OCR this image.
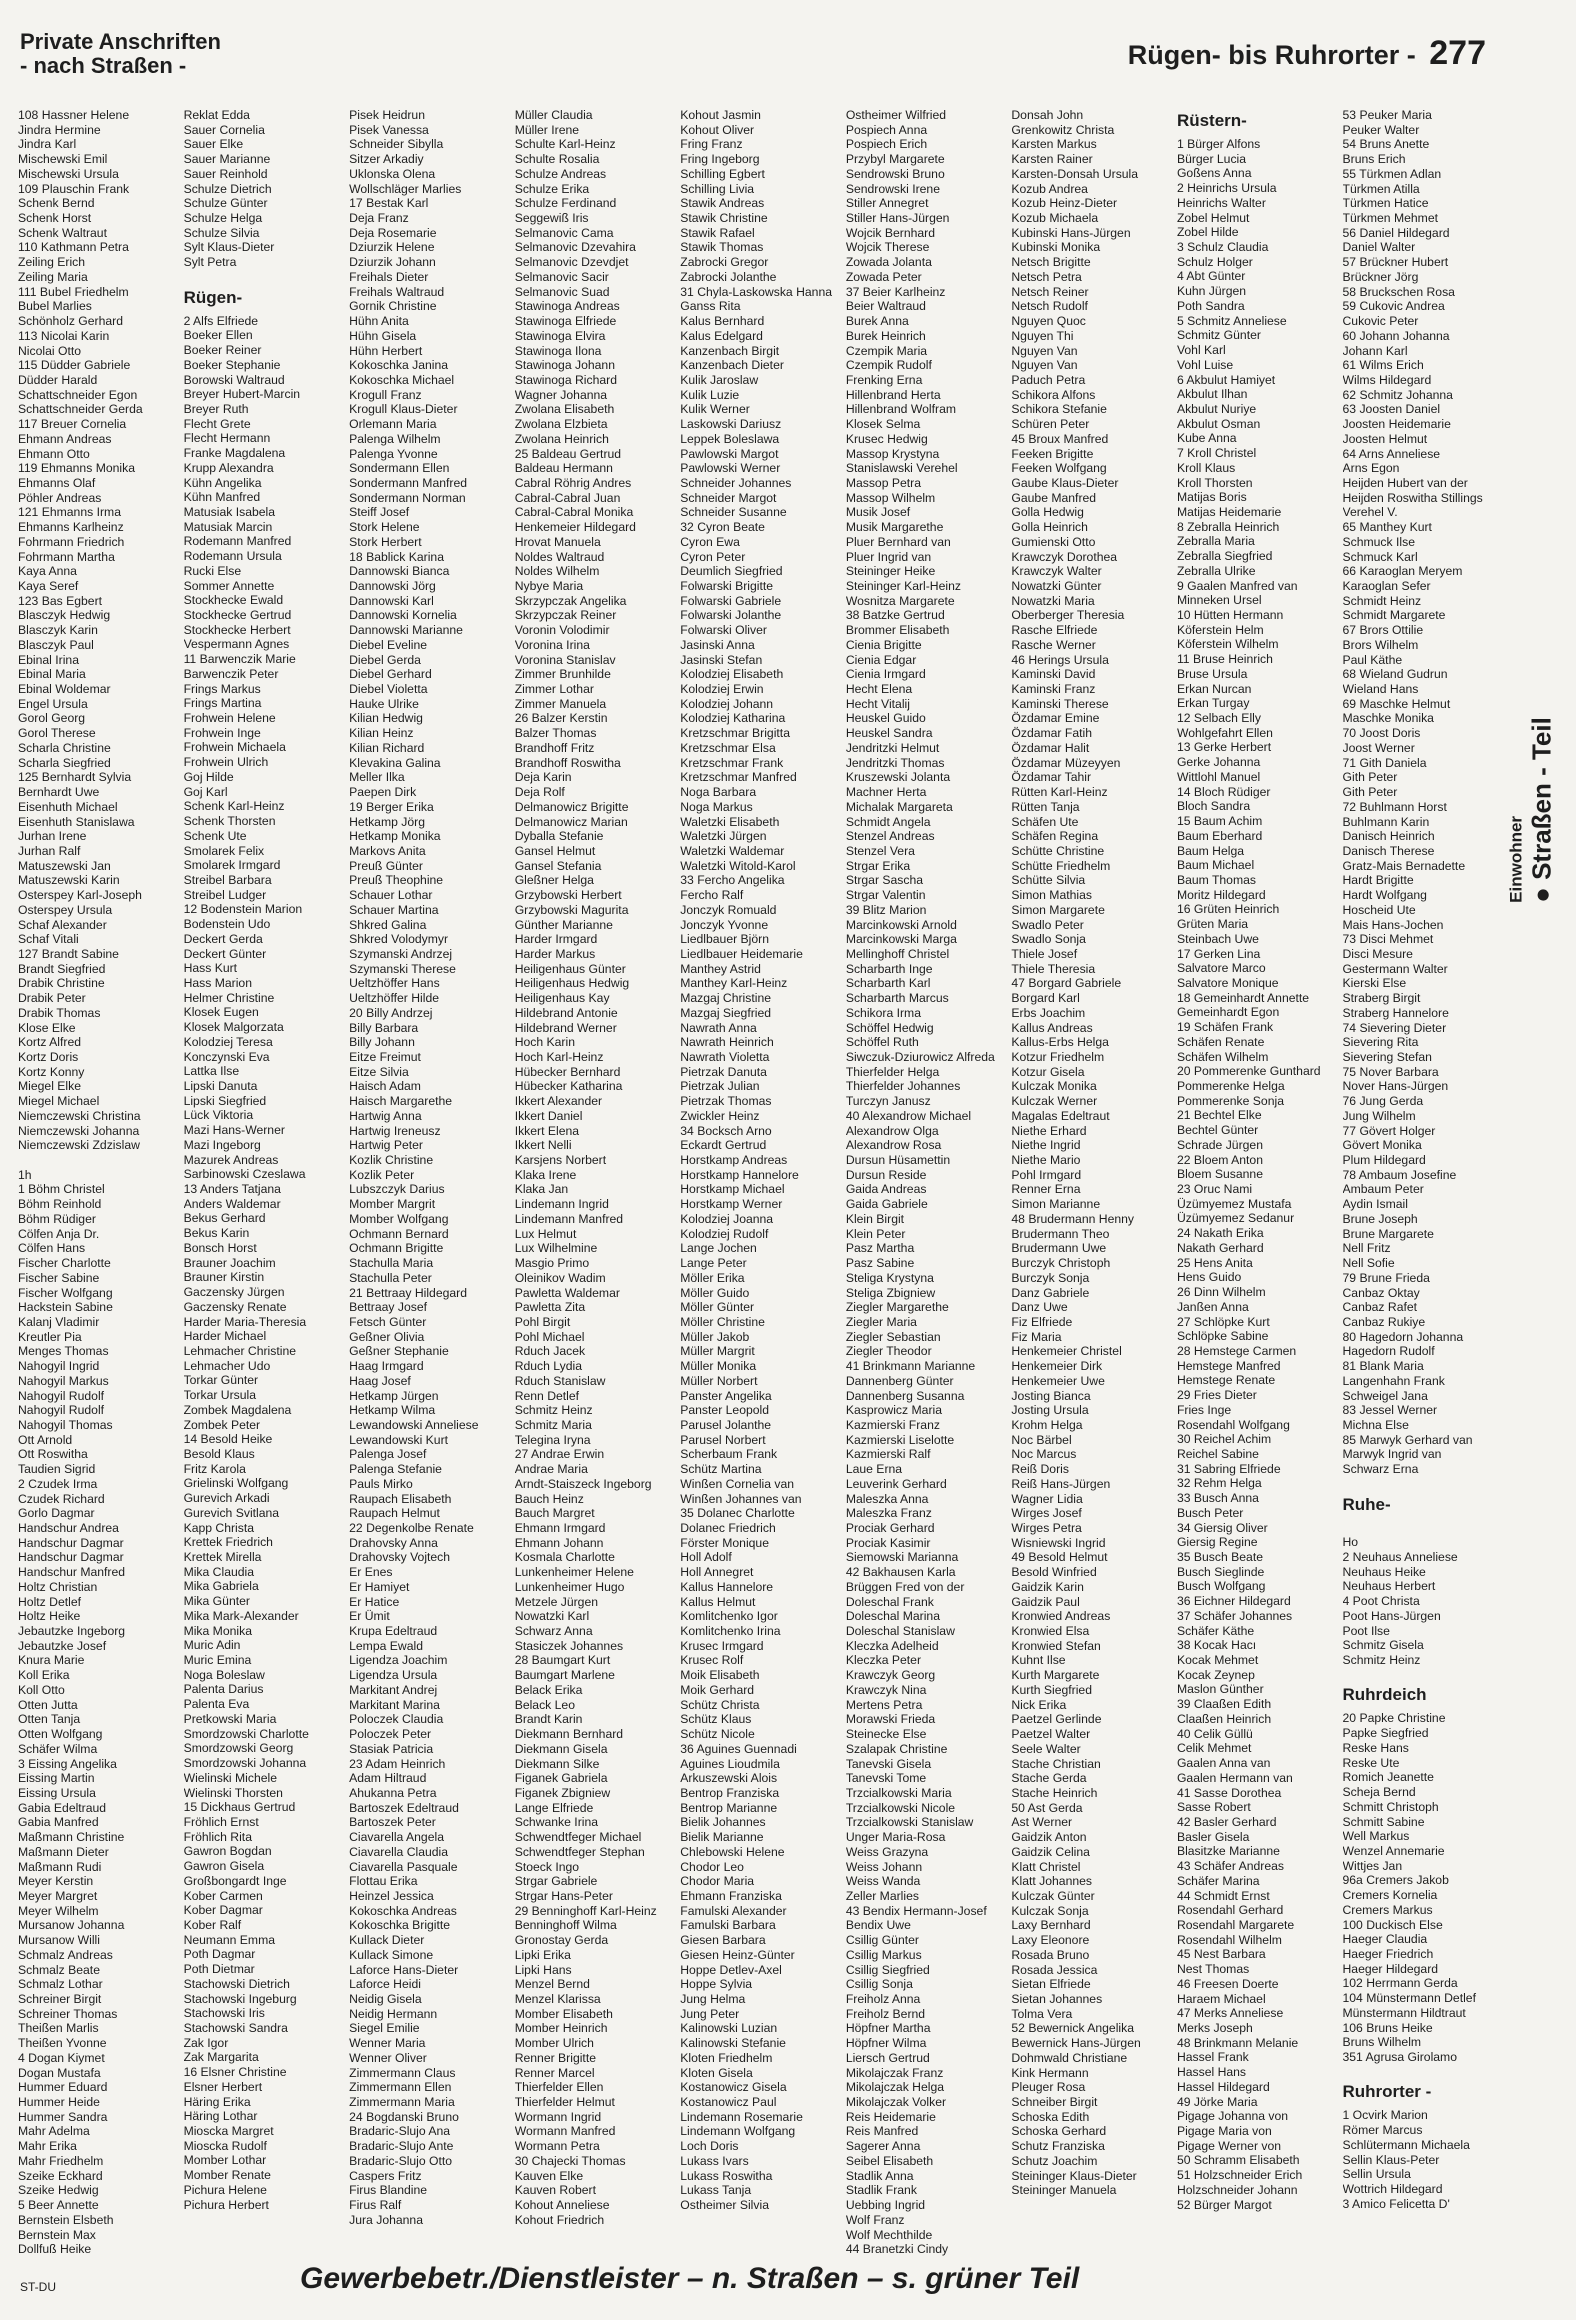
Private Anschriften
- nach Straßen -	Rügen- bis Ruhrorter - 277
108 Hassner Helene
Jindra Hermine
Jindra Karl
Mischewski Emil
Mischewski Ursula
109 Plauschin Frank
Schenk Bernd
Schenk Horst
Schenk Waltraut
110 Kathmann Petra
Zeiling Erich
Zeiling Maria
111 Bubel Friedhelm
Bubel Marlies
Schönholz Gerhard
113 Nicolai Karin
Nicolai Otto
115 Düdder Gabriele
Düdder Harald
Schattschneider Egon
Schattschneider Gerda
117 Breuer Cornelia
Ehmann Andreas
Ehmann Otto
119 Ehmanns Monika
Ehmanns Olaf
Pöhler Andreas
121 Ehmanns Irma
Ehmanns Karlheinz
Fohrmann Friedrich
Fohrmann Martha
Kaya Anna
Kaya Seref
123 Bas Egbert
Blasczyk Hedwig
Blasczyk Karin
Blasczyk Paul
Ebinal Irina
Ebinal Maria
Ebinal Woldemar
Engel Ursula
Gorol Georg
Gorol Therese
Scharla Christine
Scharla Siegfried
125 Bernhardt Sylvia
Bernhardt Uwe
Eisenhuth Michael
Eisenhuth Stanislawa
Jurhan Irene
Jurhan Ralf
Matuszewski Jan
Matuszewski Karin
Osterspey Karl-Joseph
Osterspey Ursula
Schaf Alexander
Schaf Vitali
127 Brandt Sabine
Brandt Siegfried
Drabik Christine
Drabik Peter
Drabik Thomas
Klose Elke
Kortz Alfred
Kortz Doris
Kortz Konny
Miegel Elke
Miegel Michael
Niemczewski Christina
Niemczewski Johanna
Niemczewski Zdzislaw
1h
1 Böhm Christel
Böhm Reinhold
Böhm Rüdiger
Cölfen Anja Dr.
Cölfen Hans
Fischer Charlotte
Fischer Sabine
Fischer Wolfgang
Hackstein Sabine
Kalanj Vladimir
Kreutler Pia
Menges Thomas
Nahogyil Ingrid
Nahogyil Markus
Nahogyil Rudolf
Nahogyil Rudolf
Nahogyil Thomas
Ott Arnold
Ott Roswitha
Taudien Sigrid
2 Czudek Irma
Czudek Richard
Gorlo Dagmar
Handschur Andrea
Handschur Dagmar
Handschur Dagmar
Handschur Manfred
Holtz Christian
Holtz Detlef
Holtz Heike
Jebautzke Ingeborg
Jebautzke Josef
Knura Marie
Koll Erika
Koll Otto
Otten Jutta
Otten Tanja
Otten Wolfgang
Schäfer Wilma
3 Eissing Angelika
Eissing Martin
Eissing Ursula
Gabia Edeltraud
Gabia Manfred
Maßmann Christine
Maßmann Dieter
Maßmann Rudi
Meyer Kerstin
Meyer Margret
Meyer Wilhelm
Mursanow Johanna
Mursanow Willi
Schmalz Andreas
Schmalz Beate
Schmalz Lothar
Schreiner Birgit
Schreiner Thomas
Theißen Marlis
Theißen Yvonne
4 Dogan Kiymet
Dogan Mustafa
Hummer Eduard
Hummer Heide
Hummer Sandra
Mahr Adelma
Mahr Erika
Mahr Friedhelm
Szeike Eckhard
Szeike Hedwig
5 Beer Annette
Bernstein Elsbeth
Bernstein Max
Dollfuß Heike
Reklat Edda
Sauer Cornelia
Sauer Elke
Sauer Marianne
Sauer Reinhold
Schulze Dietrich
Schulze Günter
Schulze Helga
Schulze Silvia
Sylt Klaus-Dieter
Sylt Petra
Rügen-
2 Alfs Elfriede
Boeker Ellen
Boeker Reiner
Boeker Stephanie
Borowski Waltraud
Breyer Hubert-Marcin
Breyer Ruth
Flecht Grete
Flecht Hermann
Franke Magdalena
Krupp Alexandra
Kühn Angelika
Kühn Manfred
Matusiak Isabela
Matusiak Marcin
Rodemann Manfred
Rodemann Ursula
Rucki Else
Sommer Annette
Stockhecke Ewald
Stockhecke Gertrud
Stockhecke Herbert
Vespermann Agnes
11 Barwenczik Marie
Barwenczik Peter
Frings Markus
Frings Martina
Frohwein Helene
Frohwein Inge
Frohwein Michaela
Frohwein Ulrich
Goj Hilde
Goj Karl
Schenk Karl-Heinz
Schenk Thorsten
Schenk Ute
Smolarek Felix
Smolarek Irmgard
Streibel Barbara
Streibel Ludger
12 Bodenstein Marion
Bodenstein Udo
Deckert Gerda
Deckert Günter
Hass Kurt
Hass Marion
Helmer Christine
Klosek Eugen
Klosek Malgorzata
Kolodziej Teresa
Konczynski Eva
Lattka Ilse
Lipski Danuta
Lipski Siegfried
Lück Viktoria
Mazi Hans-Werner
Mazi Ingeborg
Mazurek Andreas
Sarbinowski Czeslawa
13 Anders Tatjana
Anders Waldemar
Bekus Gerhard
Bekus Karin
Bonsch Horst
Brauner Joachim
Brauner Kirstin
Gaczensky Jürgen
Gaczensky Renate
Harder Maria-Theresia
Harder Michael
Lehmacher Christine
Lehmacher Udo
Torkar Günter
Torkar Ursula
Zombek Magdalena
Zombek Peter
14 Besold Heike
Besold Klaus
Fritz Karola
Grielinski Wolfgang
Gurevich Arkadi
Gurevich Svitlana
Kapp Christa
Krettek Friedrich
Krettek Mirella
Mika Claudia
Mika Gabriela
Mika Günter
Mika Mark-Alexander
Mika Monika
Muric Adin
Muric Emina
Noga Boleslaw
Palenta Darius
Palenta Eva
Pretkowski Maria
Smordzowski Charlotte
Smordzowski Georg
Smordzowski Johanna
Wielinski Michele
Wielinski Thorsten
15 Dickhaus Gertrud
Fröhlich Ernst
Fröhlich Rita
Gawron Bogdan
Gawron Gisela
Großbongardt Inge
Kober Carmen
Kober Dagmar
Kober Ralf
Neumann Emma
Poth Dagmar
Poth Dietmar
Stachowski Dietrich
Stachowski Ingeburg
Stachowski Iris
Stachowski Sandra
Zak Igor
Zak Margarita
16 Elsner Christine
Elsner Herbert
Häring Erika
Häring Lothar
Mioscka Margret
Mioscka Rudolf
Momber Lothar
Momber Renate
Pichura Helene
Pichura Herbert
Pisek Heidrun
Pisek Vanessa
Schneider Sibylla
Sitzer Arkadiy
Uklonska Olena
Wollschläger Marlies
17 Bestak Karl
Deja Franz
Deja Rosemarie
Dziurzik Helene
Dziurzik Johann
Freihals Dieter
Freihals Waltraud
Gornik Christine
Hühn Anita
Hühn Gisela
Hühn Herbert
Kokoschka Janina
Kokoschka Michael
Krogull Franz
Krogull Klaus-Dieter
Orlemann Maria
Palenga Wilhelm
Palenga Yvonne
Sondermann Ellen
Sondermann Manfred
Sondermann Norman
Steiff Josef
Stork Helene
Stork Herbert
18 Bablick Karina
Dannowski Bianca
Dannowski Jörg
Dannowski Karl
Dannowski Kornelia
Dannowski Marianne
Diebel Eveline
Diebel Gerda
Diebel Gerhard
Diebel Violetta
Hauke Ulrike
Kilian Hedwig
Kilian Heinz
Kilian Richard
Klevakina Galina
Meller Ilka
Paepen Dirk
19 Berger Erika
Hetkamp Jörg
Hetkamp Monika
Markovs Anita
Preuß Günter
Preuß Theophine
Schauer Lothar
Schauer Martina
Shkred Galina
Shkred Volodymyr
Szymanski Andrzej
Szymanski Therese
Ueltzhöffer Hans
Ueltzhöffer Hilde
20 Billy Andrzej
Billy Barbara
Billy Johann
Eitze Freimut
Eitze Silvia
Haisch Adam
Haisch Margarethe
Hartwig Anna
Hartwig Ireneusz
Hartwig Peter
Kozlik Christine
Kozlik Peter
Lubszczyk Darius
Momber Margrit
Momber Wolfgang
Ochmann Bernard
Ochmann Brigitte
Stachulla Maria
Stachulla Peter
21 Bettraay Hildegard
Bettraay Josef
Fetsch Günter
Geßner Olivia
Geßner Stephanie
Haag Irmgard
Haag Josef
Hetkamp Jürgen
Hetkamp Wilma
Lewandowski Anneliese
Lewandowski Kurt
Palenga Josef
Palenga Stefanie
Pauls Mirko
Raupach Elisabeth
Raupach Helmut
22 Degenkolbe Renate
Drahovsky Anna
Drahovsky Vojtech
Er Enes
Er Hamiyet
Er Hatice
Er Ümit
Krupa Edeltraud
Lempa Ewald
Ligendza Joachim
Ligendza Ursula
Markitant Andrej
Markitant Marina
Poloczek Claudia
Poloczek Peter
Stasiak Patricia
23 Adam Heinrich
Adam Hiltraud
Ahukanna Petra
Bartoszek Edeltraud
Bartoszek Peter
Ciavarella Angela
Ciavarella Claudia
Ciavarella Pasquale
Flottau Erika
Heinzel Jessica
Kokoschka Andreas
Kokoschka Brigitte
Kullack Dieter
Kullack Simone
Laforce Hans-Dieter
Laforce Heidi
Neidig Gisela
Neidig Hermann
Siegel Emilie
Wenner Maria
Wenner Oliver
Zimmermann Claus
Zimmermann Ellen
Zimmermann Maria
24 Bogdanski Bruno
Bradaric-Slujo Ana
Bradaric-Slujo Ante
Bradaric-Slujo Otto
Caspers Fritz
Firus Blandine
Firus Ralf
Jura Johanna
Müller Claudia
Müller Irene
Schulte Karl-Heinz
Schulte Rosalia
Schulze Andreas
Schulze Erika
Schulze Ferdinand
Seggewiß Iris
Selmanovic Cama
Selmanovic Dzevahira
Selmanovic Dzevdjet
Selmanovic Sacir
Selmanovic Suad
Stawinoga Andreas
Stawinoga Elfriede
Stawinoga Elvira
Stawinoga Ilona
Stawinoga Johann
Stawinoga Richard
Wagner Johanna
Zwolana Elisabeth
Zwolana Elzbieta
Zwolana Heinrich
25 Baldeau Gertrud
Baldeau Hermann
Cabral Röhrig Andres
Cabral-Cabral Juan
Cabral-Cabral Monika
Henkemeier Hildegard
Hrovat Manuela
Noldes Waltraud
Noldes Wilhelm
Nybye Maria
Skrzypczak Angelika
Skrzypczak Reiner
Voronin Volodimir
Voronina Irina
Voronina Stanislav
Zimmer Brunhilde
Zimmer Lothar
Zimmer Manuela
26 Balzer Kerstin
Balzer Thomas
Brandhoff Fritz
Brandhoff Roswitha
Deja Karin
Deja Rolf
Delmanowicz Brigitte
Delmanowicz Marian
Dyballa Stefanie
Gansel Helmut
Gansel Stefania
Gleßner Helga
Grzybowski Herbert
Grzybowski Magurita
Günther Marianne
Harder Irmgard
Harder Markus
Heiligenhaus Günter
Heiligenhaus Hedwig
Heiligenhaus Kay
Hildebrand Antonie
Hildebrand Werner
Hoch Karin
Hoch Karl-Heinz
Hübecker Bernhard
Hübecker Katharina
Ikkert Alexander
Ikkert Daniel
Ikkert Elena
Ikkert Nelli
Karsjens Norbert
Klaka Irene
Klaka Jan
Lindemann Ingrid
Lindemann Manfred
Lux Helmut
Lux Wilhelmine
Masgio Primo
Oleinikov Wadim
Pawletta Waldemar
Pawletta Zita
Pohl Birgit
Pohl Michael
Rduch Jacek
Rduch Lydia
Rduch Stanislaw
Renn Detlef
Schmitz Heinz
Schmitz Maria
Telegina Iryna
27 Andrae Erwin
Andrae Maria
Arndt-Staiszeck Ingeborg
Bauch Heinz
Bauch Margret
Ehmann Irmgard
Ehmann Johann
Kosmala Charlotte
Lunkenheimer Helene
Lunkenheimer Hugo
Metzele Jürgen
Nowatzki Karl
Schwarz Anna
Stasiczek Johannes
28 Baumgart Kurt
Baumgart Marlene
Belack Erika
Belack Leo
Brandt Karin
Diekmann Bernhard
Diekmann Gisela
Diekmann Silke
Figanek Gabriela
Figanek Zbigniew
Lange Elfriede
Schwanke Irina
Schwendtfeger Michael
Schwendtfeger Stephan
Stoeck Ingo
Strgar Gabriele
Strgar Hans-Peter
29 Benninghoff Karl-Heinz
Benninghoff Wilma
Gronostay Gerda
Lipki Erika
Lipki Hans
Menzel Bernd
Menzel Klarissa
Momber Elisabeth
Momber Heinrich
Momber Ulrich
Renner Brigitte
Renner Marcel
Thierfelder Ellen
Thierfelder Helmut
Wormann Ingrid
Wormann Manfred
Wormann Petra
30 Chajecki Thomas
Kauven Elke
Kauven Robert
Kohout Anneliese
Kohout Friedrich
Kohout Jasmin
Kohout Oliver
Fring Franz
Fring Ingeborg
Schilling Egbert
Schilling Livia
Stawik Andreas
Stawik Christine
Stawik Rafael
Stawik Thomas
Zabrocki Gregor
Zabrocki Jolanthe
31 Chyla-Laskowska Hanna
Ganss Rita
Kalus Bernhard
Kalus Edelgard
Kanzenbach Birgit
Kanzenbach Dieter
Kulik Jaroslaw
Kulik Luzie
Kulik Werner
Laskowski Dariusz
Leppek Boleslawa
Pawlowski Margot
Pawlowski Werner
Schneider Johannes
Schneider Margot
Schneider Susanne
32 Cyron Beate
Cyron Ewa
Cyron Peter
Deumlich Siegfried
Folwarski Brigitte
Folwarski Gabriele
Folwarski Jolanthe
Folwarski Oliver
Jasinski Anna
Jasinski Stefan
Kolodziej Elisabeth
Kolodziej Erwin
Kolodziej Johann
Kolodziej Katharina
Kretzschmar Brigitta
Kretzschmar Elsa
Kretzschmar Frank
Kretzschmar Manfred
Noga Barbara
Noga Markus
Waletzki Elisabeth
Waletzki Jürgen
Waletzki Waldemar
Waletzki Witold-Karol
33 Fercho Angelika
Fercho Ralf
Jonczyk Romuald
Jonczyk Yvonne
Liedlbauer Björn
Liedlbauer Heidemarie
Manthey Astrid
Manthey Karl-Heinz
Mazgaj Christine
Mazgaj Siegfried
Nawrath Anna
Nawrath Heinrich
Nawrath Violetta
Pietrzak Danuta
Pietrzak Julian
Pietrzak Thomas
Zwickler Heinz
34 Bocksch Arno
Eckardt Gertrud
Horstkamp Andreas
Horstkamp Hannelore
Horstkamp Michael
Horstkamp Werner
Kolodziej Joanna
Kolodziej Rudolf
Lange Jochen
Lange Peter
Möller Erika
Möller Guido
Möller Günter
Möller Christine
Müller Jakob
Müller Margrit
Müller Monika
Müller Norbert
Panster Angelika
Panster Leopold
Parusel Jolanthe
Parusel Norbert
Scherbaum Frank
Schütz Martina
Winßen Cornelia van
Winßen Johannes van
35 Dolanec Charlotte
Dolanec Friedrich
Förster Monique
Holl Adolf
Holl Annegret
Kallus Hannelore
Kallus Helmut
Komlitchenko Igor
Komlitchenko Irina
Krusec Irmgard
Krusec Rolf
Moik Elisabeth
Moik Gerhard
Schütz Christa
Schütz Klaus
Schütz Nicole
36 Aguines Guennadi
Aguines Lioudmila
Arkuszewski Alois
Bentrop Franziska
Bentrop Marianne
Bielik Johannes
Bielik Marianne
Chlebowski Helene
Chodor Leo
Chodor Maria
Ehmann Franziska
Famulski Alexander
Famulski Barbara
Giesen Barbara
Giesen Heinz-Günter
Hoppe Detlev-Axel
Hoppe Sylvia
Jung Helma
Jung Peter
Kalinowski Luzian
Kalinowski Stefanie
Kloten Friedhelm
Kloten Gisela
Kostanowicz Gisela
Kostanowicz Paul
Lindemann Rosemarie
Lindemann Wolfgang
Loch Doris
Lukass Ivars
Lukass Roswitha
Lukass Tanja
Ostheimer Silvia
Ostheimer Wilfried
Pospiech Anna
Pospiech Erich
Przybyl Margarete
Sendrowski Bruno
Sendrowski Irene
Stiller Annegret
Stiller Hans-Jürgen
Wojcik Bernhard
Wojcik Therese
Zowada Jolanta
Zowada Peter
37 Beier Karlheinz
Beier Waltraud
Burek Anna
Burek Heinrich
Czempik Maria
Czempik Rudolf
Frenking Erna
Hillenbrand Herta
Hillenbrand Wolfram
Klosek Selma
Krusec Hedwig
Massop Krystyna
Stanislawski Verehel
Massop Petra
Massop Wilhelm
Musik Josef
Musik Margarethe
Pluer Bernhard van
Pluer Ingrid van
Steininger Heike
Steininger Karl-Heinz
Wosnitza Margarete
38 Batzke Gertrud
Brommer Elisabeth
Cienia Brigitte
Cienia Edgar
Cienia Irmgard
Hecht Elena
Hecht Vitalij
Heuskel Guido
Heuskel Sandra
Jendritzki Helmut
Jendritzki Thomas
Kruszewski Jolanta
Machner Herta
Michalak Margareta
Schmidt Angela
Stenzel Andreas
Stenzel Vera
Strgar Erika
Strgar Sascha
Strgar Valentin
39 Blitz Marion
Marcinkowski Arnold
Marcinkowski Marga
Mellinghoff Christel
Scharbarth Inge
Scharbarth Karl
Scharbarth Marcus
Schikora Irma
Schöffel Hedwig
Schöffel Ruth
Siwczuk-Dziurowicz Alfreda
Thierfelder Helga
Thierfelder Johannes
Turczyn Janusz
40 Alexandrow Michael
Alexandrow Olga
Alexandrow Rosa
Dursun Hüsamettin
Dursun Reside
Gaida Andreas
Gaida Gabriele
Klein Birgit
Klein Peter
Pasz Martha
Pasz Sabine
Steliga Krystyna
Steliga Zbigniew
Ziegler Margarethe
Ziegler Maria
Ziegler Sebastian
Ziegler Theodor
41 Brinkmann Marianne
Dannenberg Günter
Dannenberg Susanna
Kasprowicz Maria
Kazmierski Franz
Kazmierski Liselotte
Kazmierski Ralf
Laue Erna
Leuverink Gerhard
Maleszka Anna
Maleszka Franz
Prociak Gerhard
Prociak Kasimir
Siemowski Marianna
42 Bakhausen Karla
Brüggen Fred von der
Doleschal Frank
Doleschal Marina
Doleschal Stanislaw
Kleczka Adelheid
Kleczka Peter
Krawczyk Georg
Krawczyk Nina
Mertens Petra
Morawski Frieda
Steinecke Else
Szalapak Christine
Tanevski Gisela
Tanevski Tome
Trzcialkowski Maria
Trzcialkowski Nicole
Trzcialkowski Stanislaw
Unger Maria-Rosa
Weiss Grazyna
Weiss Johann
Weiss Wanda
Zeller Marlies
43 Bendix Hermann-Josef
Bendix Uwe
Csillig Günter
Csillig Markus
Csillig Siegfried
Csillig Sonja
Freiholz Anna
Freiholz Bernd
Höpfner Martha
Höpfner Wilma
Liersch Gertrud
Mikolajczak Franz
Mikolajczak Helga
Mikolajczak Volker
Reis Heidemarie
Reis Manfred
Sagerer Anna
Seibel Elisabeth
Stadlik Anna
Stadlik Frank
Uebbing Ingrid
Wolf Franz
Wolf Mechthilde
44 Branetzki Cindy
Donsah John
Grenkowitz Christa
Karsten Markus
Karsten Rainer
Karsten-Donsah Ursula
Kozub Andrea
Kozub Heinz-Dieter
Kozub Michaela
Kubinski Hans-Jürgen
Kubinski Monika
Netsch Brigitte
Netsch Petra
Netsch Reiner
Netsch Rudolf
Nguyen Quoc
Nguyen Thi
Nguyen Van
Nguyen Van
Paduch Petra
Schikora Alfons
Schikora Stefanie
Schüren Peter
45 Broux Manfred
Feeken Brigitte
Feeken Wolfgang
Gaube Klaus-Dieter
Gaube Manfred
Golla Hedwig
Golla Heinrich
Gumienski Otto
Krawczyk Dorothea
Krawczyk Walter
Nowatzki Günter
Nowatzki Maria
Oberberger Theresia
Rasche Elfriede
Rasche Werner
46 Herings Ursula
Kaminski David
Kaminski Franz
Kaminski Therese
Özdamar Emine
Özdamar Fatih
Özdamar Halit
Özdamar Müzeyyen
Özdamar Tahir
Rütten Karl-Heinz
Rütten Tanja
Schäfen Ute
Schäfen Regina
Schütte Christine
Schütte Friedhelm
Schütte Silvia
Simon Mathias
Simon Margarete
Swadlo Peter
Swadlo Sonja
Thiele Josef
Thiele Theresia
47 Borgard Gabriele
Borgard Karl
Erbs Joachim
Kallus Andreas
Kallus-Erbs Helga
Kotzur Friedhelm
Kotzur Gisela
Kulczak Monika
Kulczak Werner
Magalas Edeltraut
Niethe Erhard
Niethe Ingrid
Niethe Mario
Pohl Irmgard
Renner Erna
Simon Marianne
48 Brudermann Henny
Brudermann Theo
Brudermann Uwe
Burczyk Christoph
Burczyk Sonja
Danz Gabriele
Danz Uwe
Fiz Elfriede
Fiz Maria
Henkemeier Christel
Henkemeier Dirk
Henkemeier Uwe
Josting Bianca
Josting Ursula
Krohm Helga
Noc Bärbel
Noc Marcus
Reiß Doris
Reiß Hans-Jürgen
Wagner Lidia
Wirges Josef
Wirges Petra
Wisniewski Ingrid
49 Besold Helmut
Besold Winfried
Gaidzik Karin
Gaidzik Paul
Kronwied Andreas
Kronwied Elsa
Kronwied Stefan
Kuhnt Ilse
Kurth Margarete
Kurth Siegfried
Nick Erika
Paetzel Gerlinde
Paetzel Walter
Seele Walter
Stache Christian
Stache Gerda
Stache Heinrich
50 Ast Gerda
Ast Werner
Gaidzik Anton
Gaidzik Celina
Klatt Christel
Klatt Johannes
Kulczak Günter
Kulczak Sonja
Laxy Bernhard
Laxy Eleonore
Rosada Bruno
Rosada Jessica
Sietan Elfriede
Sietan Johannes
Tolma Vera
52 Bewernick Angelika
Bewernick Hans-Jürgen
Dohmwald Christiane
Kink Hermann
Pleuger Rosa
Schneiber Birgit
Schoska Edith
Schoska Gerhard
Schutz Franziska
Schutz Joachim
Steininger Klaus-Dieter
Steininger Manuela
Rüstern-
1 Bürger Alfons
Bürger Lucia
Goßens Anna
2 Heinrichs Ursula
Heinrichs Walter
Zobel Helmut
Zobel Hilde
3 Schulz Claudia
Schulz Holger
4 Abt Günter
Kuhn Jürgen
Poth Sandra
5 Schmitz Anneliese
Schmitz Günter
Vohl Karl
Vohl Luise
6 Akbulut Hamiyet
Akbulut Ilhan
Akbulut Nuriye
Akbulut Osman
Kube Anna
7 Kroll Christel
Kroll Klaus
Kroll Thorsten
Matijas Boris
Matijas Heidemarie
8 Zebralla Heinrich
Zebralla Maria
Zebralla Siegfried
Zebralla Ulrike
9 Gaalen Manfred van
Minneken Ursel
10 Hütten Hermann
Köferstein Helm
Köferstein Wilhelm
11 Bruse Heinrich
Bruse Ursula
Erkan Nurcan
Erkan Turgay
12 Selbach Elly
Wohlgefahrt Ellen
13 Gerke Herbert
Gerke Johanna
Wittlohl Manuel
14 Bloch Rüdiger
Bloch Sandra
15 Baum Achim
Baum Eberhard
Baum Helga
Baum Michael
Baum Thomas
Moritz Hildegard
16 Grüten Heinrich
Grüten Maria
Steinbach Uwe
17 Gerken Lina
Salvatore Marco
Salvatore Monique
18 Gemeinhardt Annette
Gemeinhardt Egon
19 Schäfen Frank
Schäfen Renate
Schäfen Wilhelm
20 Pommerenke Gunthard
Pommerenke Helga
Pommerenke Sonja
21 Bechtel Elke
Bechtel Günter
Schrade Jürgen
22 Bloem Anton
Bloem Susanne
23 Oruc Nami
Üzümyemez Mustafa
Üzümyemez Sedanur
24 Nakath Erika
Nakath Gerhard
25 Hens Anita
Hens Guido
26 Dinn Wilhelm
Janßen Anna
27 Schlöpke Kurt
Schlöpke Sabine
28 Hemstege Carmen
Hemstege Manfred
Hemstege Renate
29 Fries Dieter
Fries Inge
Rosendahl Wolfgang
30 Reichel Achim
Reichel Sabine
31 Sabring Elfriede
32 Rehm Helga
33 Busch Anna
Busch Peter
34 Giersig Oliver
Giersig Regine
35 Busch Beate
Busch Sieglinde
Busch Wolfgang
36 Eichner Hildegard
37 Schäfer Johannes
Schäfer Käthe
38 Kocak Hacı
Kocak Mehmet
Kocak Zeynep
Maslon Günther
39 Claaßen Edith
Claaßen Heinrich
40 Celik Güllü
Celik Mehmet
Gaalen Anna van
Gaalen Hermann van
41 Sasse Dorothea
Sasse Robert
42 Basler Gerhard
Basler Gisela
Blasitzke Marianne
43 Schäfer Andreas
Schäfer Marina
44 Schmidt Ernst
Rosendahl Gerhard
Rosendahl Margarete
Rosendahl Wilhelm
45 Nest Barbara
Nest Thomas
46 Freesen Doerte
Haraem Michael
47 Merks Anneliese
Merks Joseph
48 Brinkmann Melanie
Hassel Frank
Hassel Hans
Hassel Hildegard
49 Jörke Maria
Pigage Johanna von
Pigage Maria von
Pigage Werner von
50 Schramm Elisabeth
51 Holzschneider Erich
Holzschneider Johann
52 Bürger Margot
53 Peuker Maria
Peuker Walter
54 Bruns Anette
Bruns Erich
55 Türkmen Adlan
Türkmen Atilla
Türkmen Hatice
Türkmen Mehmet
56 Daniel Hildegard
Daniel Walter
57 Brückner Hubert
Brückner Jörg
58 Bruckschen Rosa
59 Cukovic Andrea
Cukovic Peter
60 Johann Johanna
Johann Karl
61 Wilms Erich
Wilms Hildegard
62 Schmitz Johanna
63 Joosten Daniel
Joosten Heidemarie
Joosten Helmut
64 Arns Anneliese
Arns Egon
Heijden Hubert van der
Heijden Roswitha Stillings
Verehel V.
65 Manthey Kurt
Schmuck Ilse
Schmuck Karl
66 Karaoglan Meryem
Karaoglan Sefer
Schmidt Heinz
Schmidt Margarete
67 Brors Ottilie
Brors Wilhelm
Paul Käthe
68 Wieland Gudrun
Wieland Hans
69 Maschke Helmut
Maschke Monika
70 Joost Doris
Joost Werner
71 Gith Daniela
Gith Peter
Gith Peter
72 Buhlmann Horst
Buhlmann Karin
Danisch Heinrich
Danisch Therese
Gratz-Mais Bernadette
Hardt Brigitte
Hardt Wolfgang
Hoscheid Ute
Mais Hans-Jochen
73 Disci Mehmet
Disci Mesure
Gestermann Walter
Kierski Else
Straberg Birgit
Straberg Hannelore
74 Sievering Dieter
Sievering Rita
Sievering Stefan
75 Nover Barbara
Nover Hans-Jürgen
76 Jung Gerda
Jung Wilhelm
77 Gövert Holger
Gövert Monika
Plum Hildegard
78 Ambaum Josefine
Ambaum Peter
Aydin Ismail
Brune Joseph
Brune Margarete
Nell Fritz
Nell Sofie
79 Brune Frieda
Canbaz Oktay
Canbaz Rafet
Canbaz Rukiye
80 Hagedorn Johanna
Hagedorn Rudolf
81 Blank Maria
Langenhahn Frank
Schweigel Jana
83 Jessel Werner
Michna Else
85 Marwyk Gerhard van
Marwyk Ingrid van
Schwarz Erna
Ruhe-
Ho
2 Neuhaus Anneliese
Neuhaus Heike
Neuhaus Herbert
4 Poot Christa
Poot Hans-Jürgen
Poot Ilse
Schmitz Gisela
Schmitz Heinz
Ruhrdeich
20 Papke Christine
Papke Siegfried
Reske Hans
Reske Ute
Romich Jeanette
Scheja Bernd
Schmitt Christoph
Schmitt Sabine
Well Markus
Wenzel Annemarie
Wittjes Jan
96a Cremers Jakob
Cremers Kornelia
Cremers Markus
100 Duckisch Else
Haeger Claudia
Haeger Friedrich
Haeger Hildegard
102 Herrmann Gerda
104 Münstermann Detlef
Münstermann Hildtraut
106 Bruns Heike
Bruns Wilhelm
351 Agrusa Girolamo
Ruhrorter -
1 Ocvirk Marion
Römer Marcus
Schlütermann Michaela
Sellin Klaus-Peter
Sellin Ursula
Wottrich Hildegard
3 Amico Felicetta D'
Einwohner ● Straßen - Teil
ST-DU	Gewerbebetr./Dienstleister – n. Straßen – s. grüner Teil
